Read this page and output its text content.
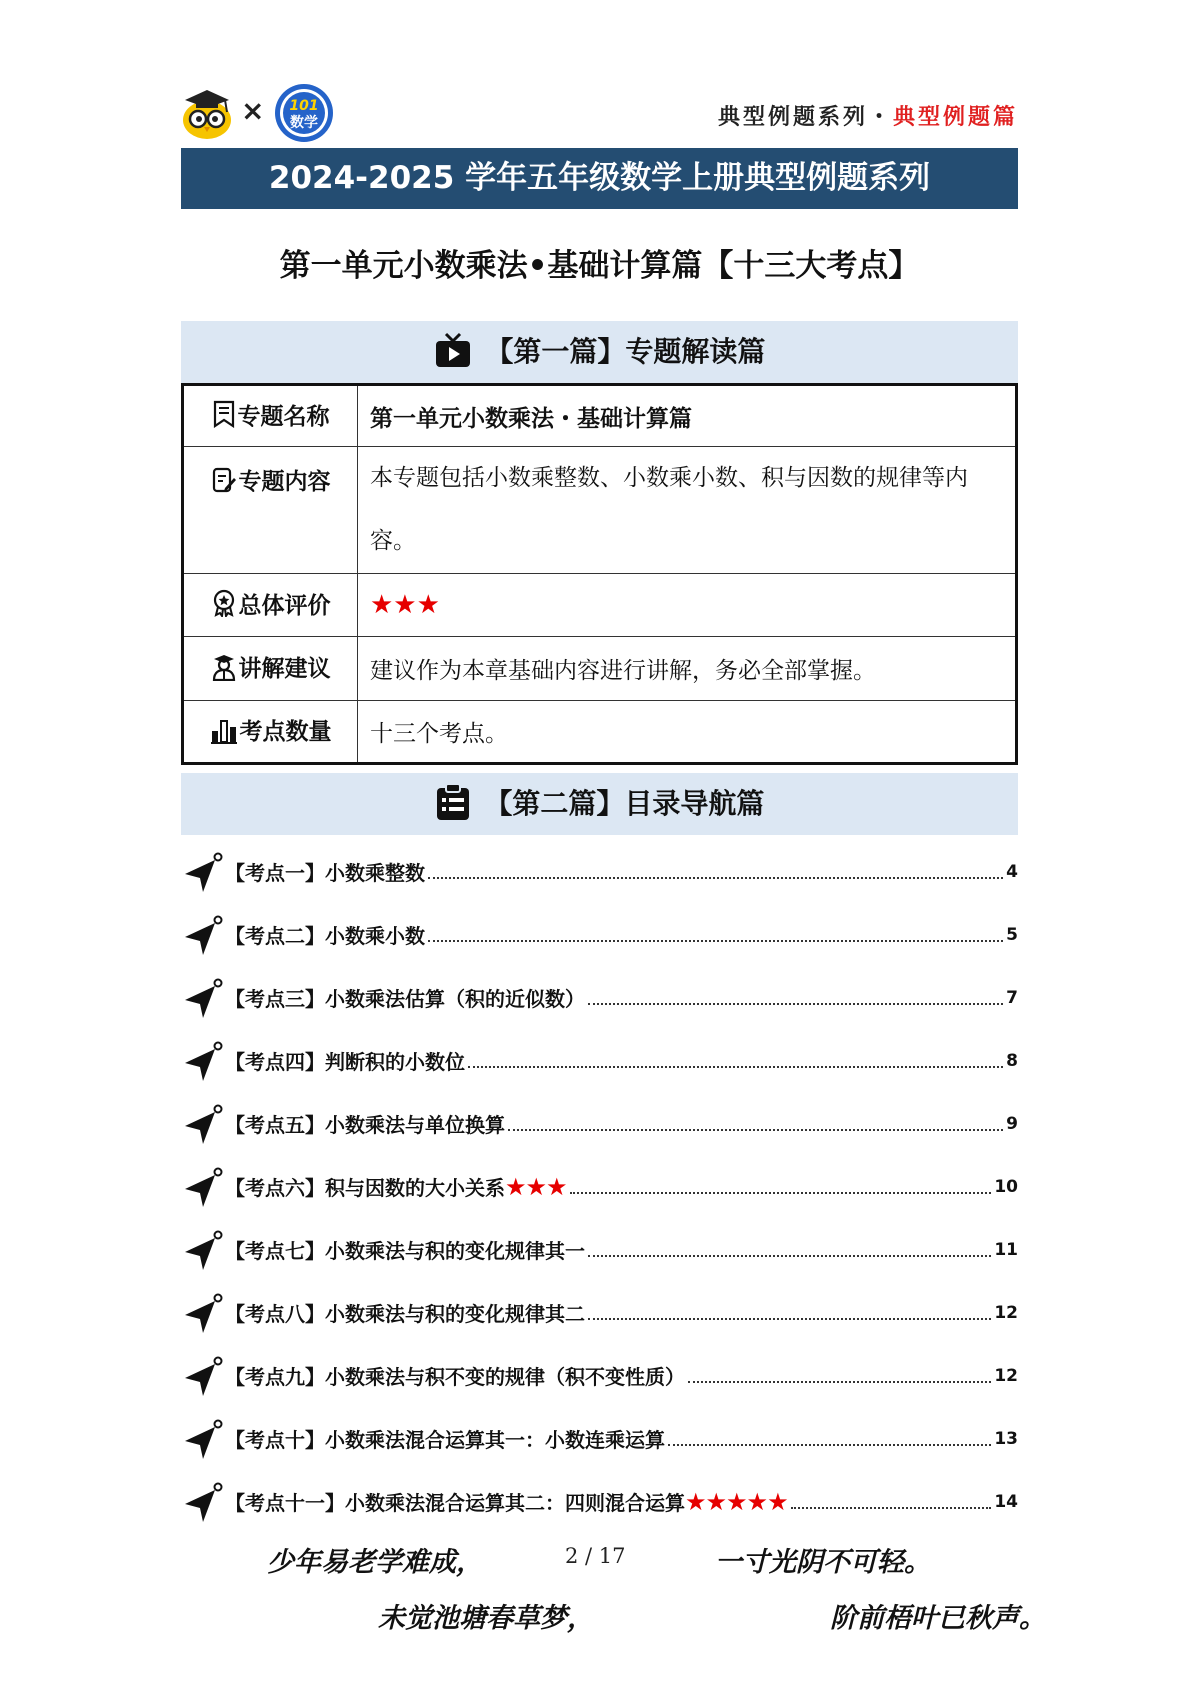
× 101
数学	典型例题系列・典型例题篇
2024-2025 学年五年级数学上册典型例题系列
第一单元小数乘法•基础计算篇【十三大考点】
【第一篇】专题解读篇
专题名称	第一单元小数乘法・基础计算篇

专题内容	本专题包括小数乘整数、小数乘小数、积与因数的规律等内容。

总体评价	★★★

讲解建议	建议作为本章基础内容进行讲解，务必全部掌握。

考点数量	十三个考点。
【第二篇】目录导航篇
【考点一】小数乘整数	4
【考点二】小数乘小数	5
【考点三】小数乘法估算（积的近似数）	7
【考点四】判断积的小数位	8
【考点五】小数乘法与单位换算	9
【考点六】积与因数的大小关系 ★★★	10
【考点七】小数乘法与积的变化规律其一	11
【考点八】小数乘法与积的变化规律其二	12
【考点九】小数乘法与积不变的规律（积不变性质）	12
【考点十】小数乘法混合运算其一：小数连乘运算	13
【考点十一】小数乘法混合运算其二：四则混合运算 ★★★★★	14
少年易老学难成，	2 / 17	一寸光阴不可轻。
未觉池塘春草梦，	阶前梧叶已秋声。
